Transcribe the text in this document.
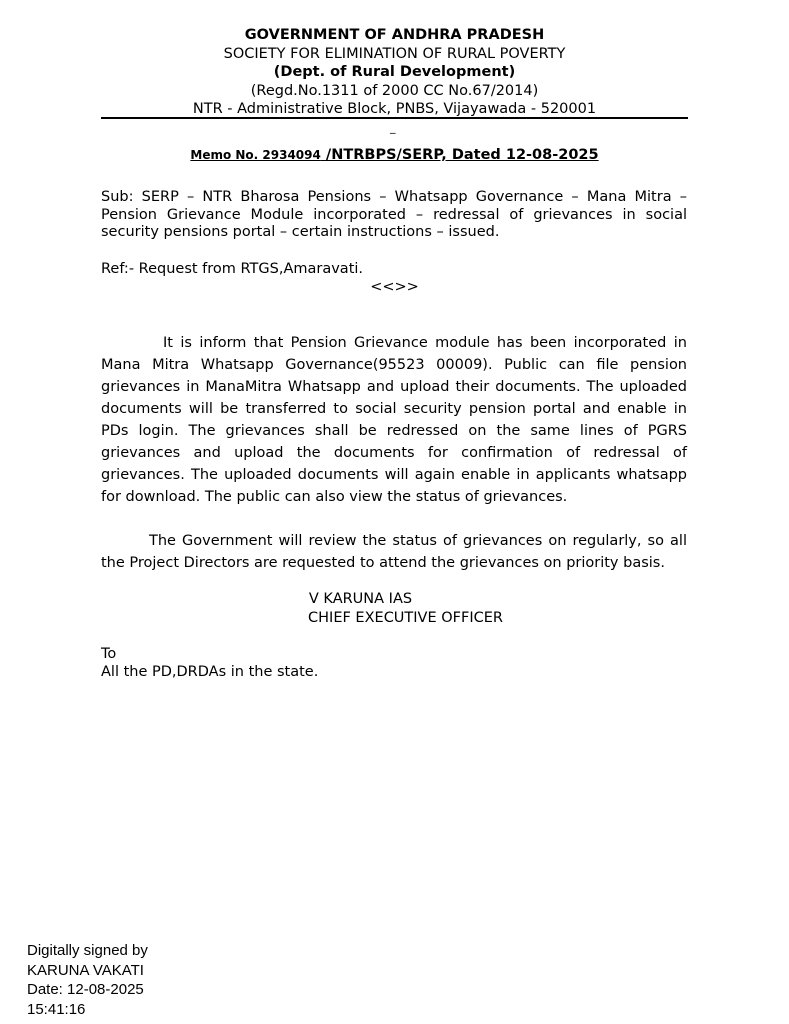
GOVERNMENT OF ANDHRA PRADESH
SOCIETY FOR ELIMINATION OF RURAL POVERTY
(Dept. of Rural Development)
(Regd.No.1311 of 2000 CC No.67/2014)
NTR - Administrative Block, PNBS, Vijayawada - 520001
_
Memo No. 2934094 /NTRBPS/SERP, Dated 12-08-2025
Sub: SERP – NTR Bharosa Pensions – Whatsapp Governance – Mana Mitra – Pension Grievance Module incorporated – redressal of grievances in social security pensions portal – certain instructions – issued.
Ref:- Request from RTGS,Amaravati.
<<>>
It is inform that Pension Grievance module has been incorporated in Mana Mitra Whatsapp Governance(95523 00009). Public can file pension grievances in ManaMitra Whatsapp and upload their documents. The uploaded documents will be transferred to social security pension portal and enable in PDs login. The grievances shall be redressed on the same lines of PGRS grievances and upload the documents for confirmation of redressal of grievances. The uploaded documents will again enable in applicants whatsapp for download. The public can also view the status of grievances.
The Government will review the status of grievances on regularly, so all the Project Directors are requested to attend the grievances on priority basis.
V KARUNA IAS
CHIEF EXECUTIVE OFFICER
To
All the PD,DRDAs in the state.
Digitally signed by
KARUNA VAKATI
Date: 12-08-2025
15:41:16
